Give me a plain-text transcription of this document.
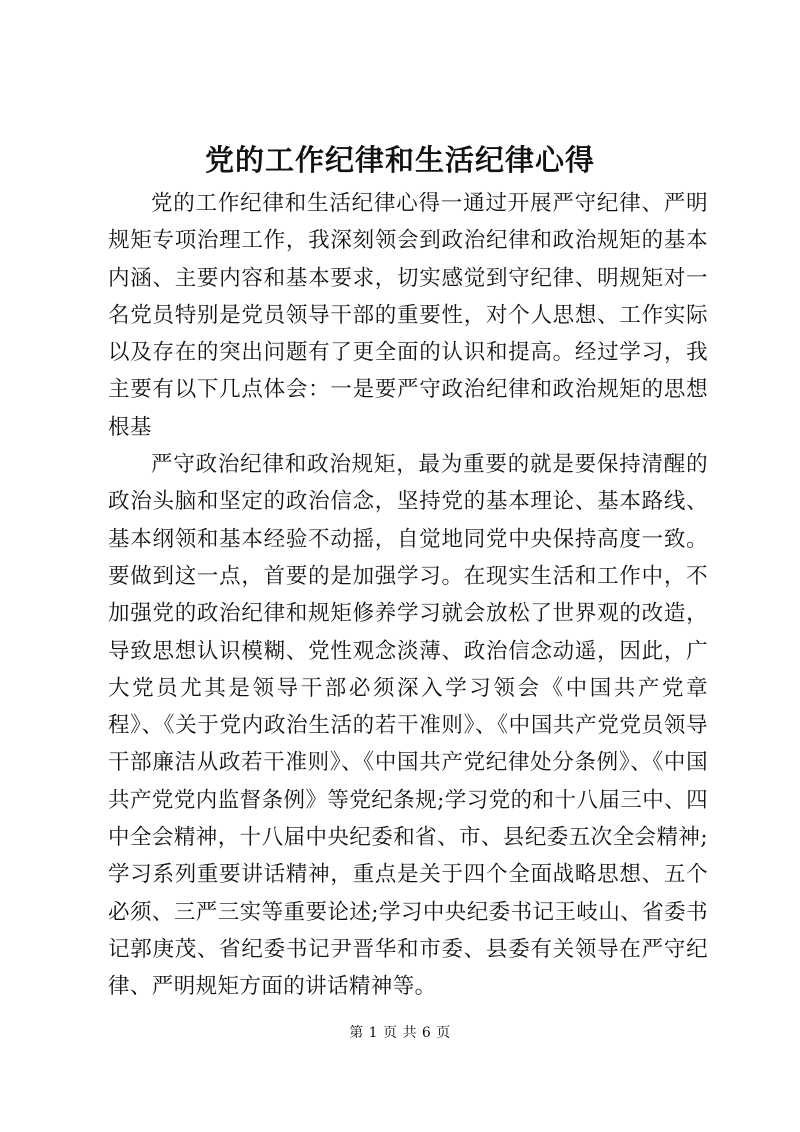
党的工作纪律和生活纪律心得

党的工作纪律和生活纪律心得一通过开展严守纪律、严明规矩专项治理工作，我深刻领会到政治纪律和政治规矩的基本内涵、主要内容和基本要求，切实感觉到守纪律、明规矩对一名党员特别是党员领导干部的重要性，对个人思想、工作实际以及存在的突出问题有了更全面的认识和提高。经过学习，我主要有以下几点体会：一是要严守政治纪律和政治规矩的思想根基

严守政治纪律和政治规矩，最为重要的就是要保持清醒的政治头脑和坚定的政治信念，坚持党的基本理论、基本路线、基本纲领和基本经验不动摇，自觉地同党中央保持高度一致。要做到这一点，首要的是加强学习。在现实生活和工作中，不加强党的政治纪律和规矩修养学习就会放松了世界观的改造，导致思想认识模糊、党性观念淡薄、政治信念动遥，因此，广大党员尤其是领导干部必须深入学习领会《中国共产党章程》、《关于党内政治生活的若干准则》、《中国共产党党员领导干部廉洁从政若干准则》、《中国共产党纪律处分条例》、《中国共产党党内监督条例》等党纪条规;学习党的和十八届三中、四中全会精神，十八届中央纪委和省、市、县纪委五次全会精神;学习系列重要讲话精神，重点是关于四个全面战略思想、五个必须、三严三实等重要论述;学习中央纪委书记王岐山、省委书记郭庚茂、省纪委书记尹晋华和市委、县委有关领导在严守纪律、严明规矩方面的讲话精神等。

第 1 页 共 6 页
